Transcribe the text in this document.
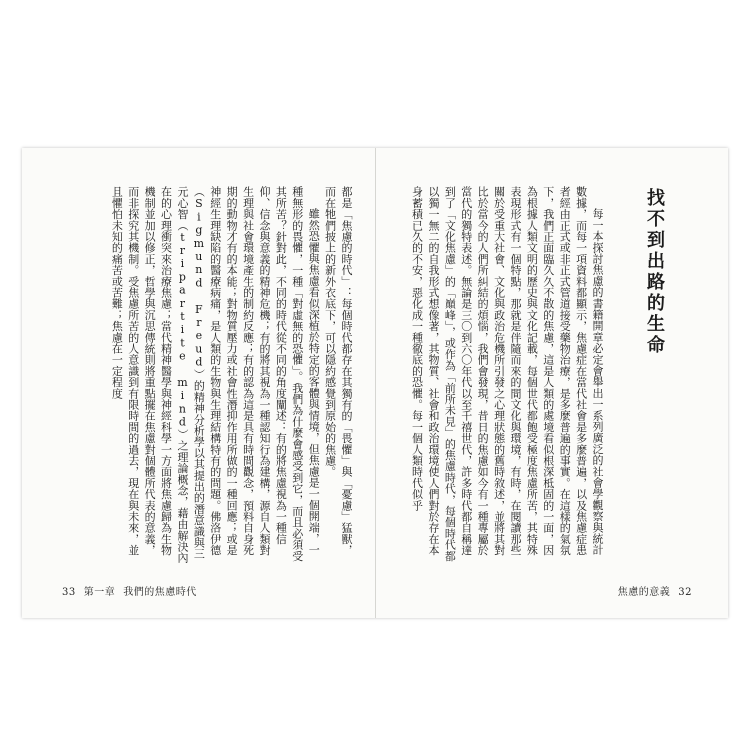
都是「焦慮的時代」：每個時代都存在其獨有的「畏懼」與「憂慮」猛獸，而在牠們披上的新外衣底下，可以隱約感覺到原始的焦慮。

雖然恐懼與焦慮看似深植於特定的客體與情境，但焦慮是一個開端，一種無形的畏懼，一種「對虛無的恐懼」。我們為什麼會感受到它，而且必須受其所苦？針對此，不同的時代從不同的角度闡述：有的將焦慮視為一種信仰、信念與意義的精神危機；有的將其視為一種認知行為建構，源自人類對生理與社會環境產生的制約反應；有的認為這是具有時間觀念，預料自身死期的動物才有的本能；對物質壓力或社會性潛抑作用所做的一種回應；或是神經生理缺陷的醫療病痛，是人類的生物與生理結構特有的問題。佛洛伊德（Sigmund Freud）的精神分析學以其提出的潛意識與三元心智（tripartite mind）之理論概念，藉由解決內在的心理衝突來治療焦慮；當代精神醫學與神經科學一方面將焦慮歸為生物機制並加以修正，哲學與沉思傳統則將重點擺在焦慮對個體所代表的意義，而非探究其機制。受焦慮所苦的人意識到有限時間的過去，現在與未來，並且懼怕未知的痛苦或苦難；焦慮在一定程度

33 第一章 我們的焦慮時代
找不到出路的生命

每一本探討焦慮的書籍開章必定會舉出一系列廣泛的社會學觀察與統計數據，而每一項資料都顯示，焦慮症在當代社會是多麼普遍，以及焦慮症患者經由正式或非正式管道接受藥物治療，是多麼普遍的事實。在這樣的氣氛下，我們正面臨久久不散的焦慮，這是人類的處境看似根深柢固的一面，因為根據人類文明的歷史與文化記載，每個世代都飽受極度焦慮所苦，其特殊表現形式有一個特點，那就是伴隨而來的間文化與環境，有時，在閱讀那些關於受重大社會、文化與政治危機所引發之心理狀態的舊時敘述，並將其對比於當今的人們所糾結的煩惱，我們會發現，昔日的焦慮如今有一種專屬於當代的獨特表述。無論是三〇到六〇年代以至千禧世代，許多時代都自稱達到了「文化焦慮」的「巔峰」，或作為「前所未見」的焦慮時代，每個時代都以獨一無二的自我形式想像著，其物質、社會和政治環境使人們對於存在本身蓄積已久的不安，惡化成一種徹底的恐懼。每一個人類時代似乎

焦慮的意義 32
